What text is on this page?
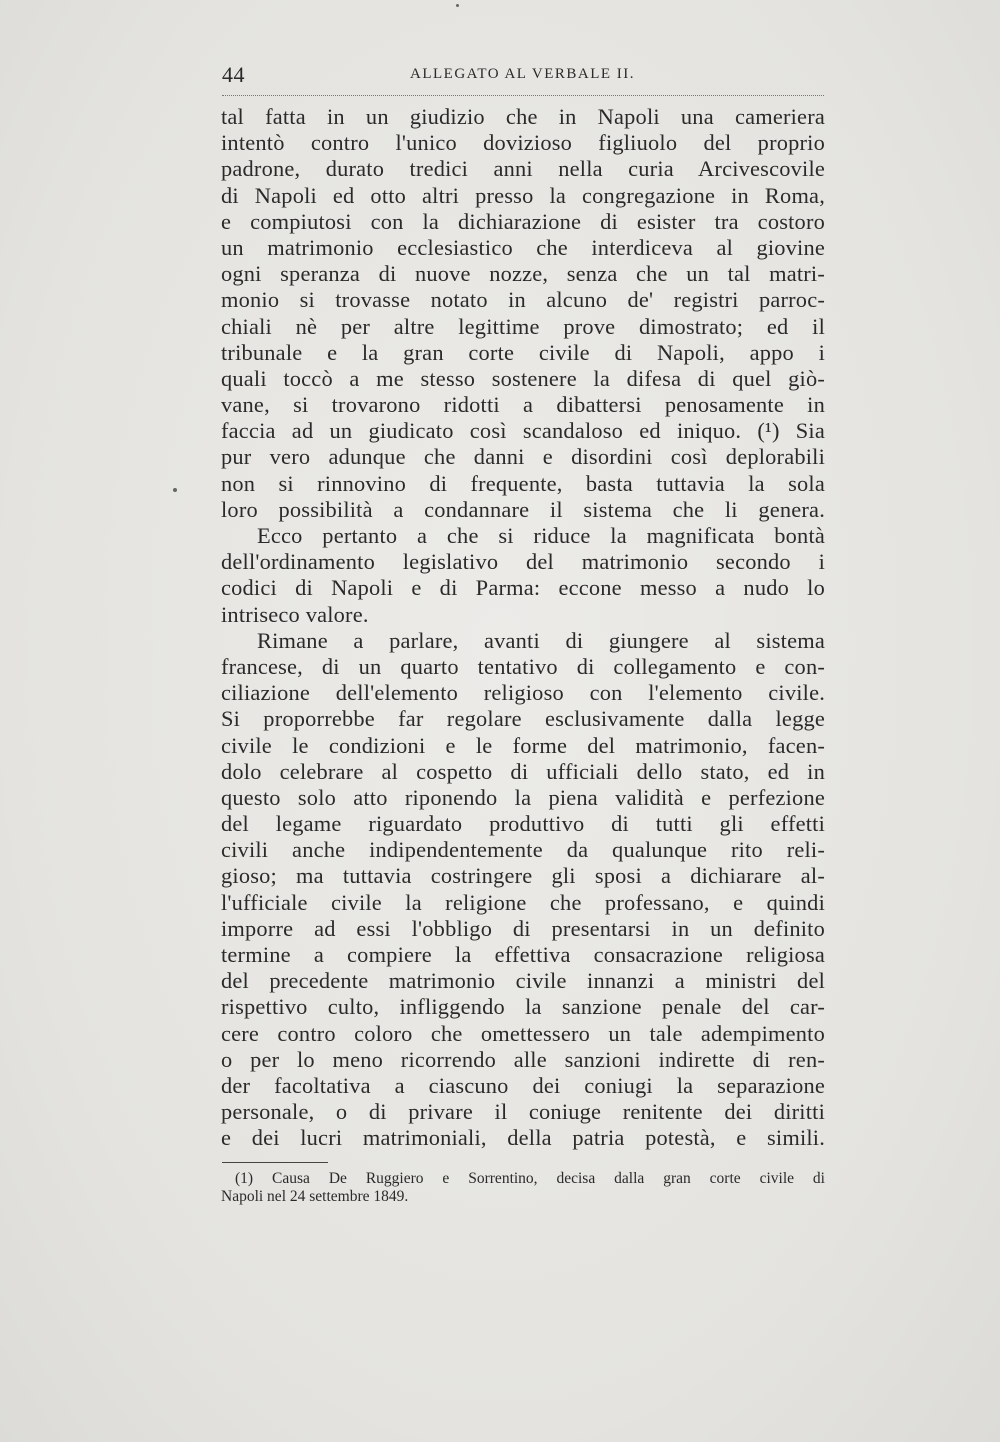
44	ALLEGATO AL VERBALE II.
tal fatta in un giudizio che in Napoli una cameriera
intentò contro l'unico dovizioso figliuolo del proprio
padrone, durato tredici anni nella curia Arcivescovile
di Napoli ed otto altri presso la congregazione in Roma,
e compiutosi con la dichiarazione di esister tra costoro
un matrimonio ecclesiastico che interdiceva al giovine
ogni speranza di nuove nozze, senza che un tal matri-
monio si trovasse notato in alcuno de' registri parroc-
chiali nè per altre legittime prove dimostrato; ed il
tribunale e la gran corte civile di Napoli, appo i
quali toccò a me stesso sostenere la difesa di quel giò-
vane, si trovarono ridotti a dibattersi penosamente in
faccia ad un giudicato così scandaloso ed iniquo. (¹) Sia
pur vero adunque che danni e disordini così deplorabili
non si rinnovino di frequente, basta tuttavia la sola
loro possibilità a condannare il sistema che li genera.
Ecco pertanto a che si riduce la magnificata bontà
dell'ordinamento legislativo del matrimonio secondo i
codici di Napoli e di Parma: eccone messo a nudo lo
intriseco valore.
Rimane a parlare, avanti di giungere al sistema
francese, di un quarto tentativo di collegamento e con-
ciliazione dell'elemento religioso con l'elemento civile.
Si proporrebbe far regolare esclusivamente dalla legge
civile le condizioni e le forme del matrimonio, facen-
dolo celebrare al cospetto di ufficiali dello stato, ed in
questo solo atto riponendo la piena validità e perfezione
del legame riguardato produttivo di tutti gli effetti
civili anche indipendentemente da qualunque rito reli-
gioso; ma tuttavia costringere gli sposi a dichiarare al-
l'ufficiale civile la religione che professano, e quindi
imporre ad essi l'obbligo di presentarsi in un definito
termine a compiere la effettiva consacrazione religiosa
del precedente matrimonio civile innanzi a ministri del
rispettivo culto, infliggendo la sanzione penale del car-
cere contro coloro che omettessero un tale adempimento
o per lo meno ricorrendo alle sanzioni indirette di ren-
der facoltativa a ciascuno dei coniugi la separazione
personale, o di privare il coniuge renitente dei diritti
e dei lucri matrimoniali, della patria potestà, e simili.
(1) Causa De Ruggiero e Sorrentino, decisa dalla gran corte civile di
Napoli nel 24 settembre 1849.
